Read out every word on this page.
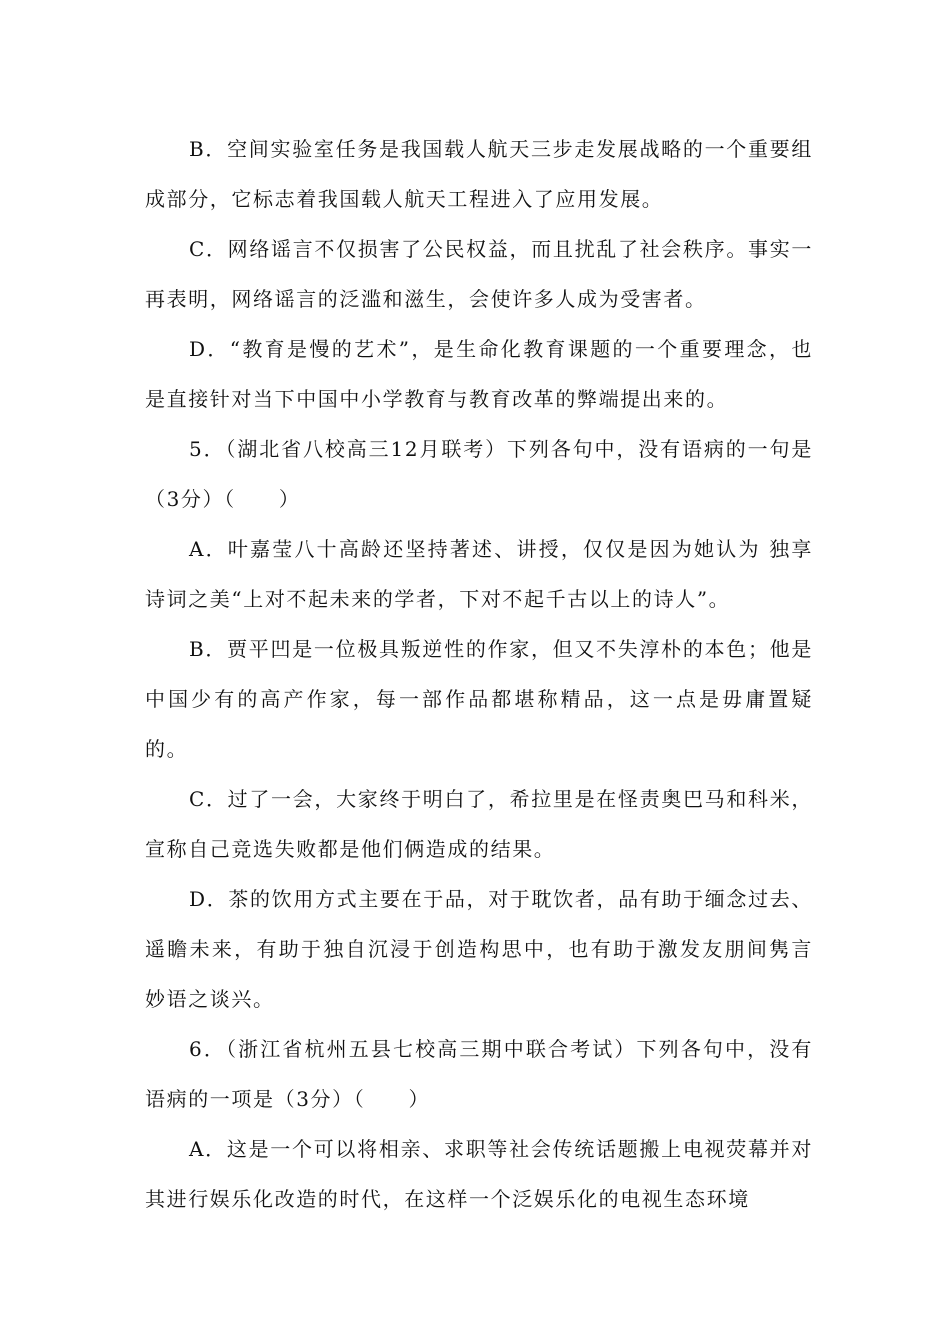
B．空间实验室任务是我国载人航天三步走发展战略的一个重要组成部分，它标志着我国载人航天工程进入了应用发展。

C．网络谣言不仅损害了公民权益，而且扰乱了社会秩序。事实一再表明，网络谣言的泛滥和滋生，会使许多人成为受害者。

D．“教育是慢的艺术”，是生命化教育课题的一个重要理念，也是直接针对当下中国中小学教育与教育改革的弊端提出来的。

5．（湖北省八校高三12月联考）下列各句中，没有语病的一句是（3分）（　　）

A．叶嘉莹八十高龄还坚持著述、讲授，仅仅是因为她认为 独享诗词之美“上对不起未来的学者，下对不起千古以上的诗人”。

B．贾平凹是一位极具叛逆性的作家，但又不失淳朴的本色；他是中国少有的高产作家，每一部作品都堪称精品，这一点是毋庸置疑的。

C．过了一会，大家终于明白了，希拉里是在怪责奥巴马和科米，宣称自己竞选失败都是他们俩造成的结果。

D．茶的饮用方式主要在于品，对于耽饮者，品有助于缅念过去、遥瞻未来，有助于独自沉浸于创造构思中，也有助于激发友朋间隽言妙语之谈兴。

6．（浙江省杭州五县七校高三期中联合考试）下列各句中，没有语病的一项是（3分）（　　）

A．这是一个可以将相亲、求职等社会传统话题搬上电视荧幕并对其进行娱乐化改造的时代，在这样一个泛娱乐化的电视生态环境
